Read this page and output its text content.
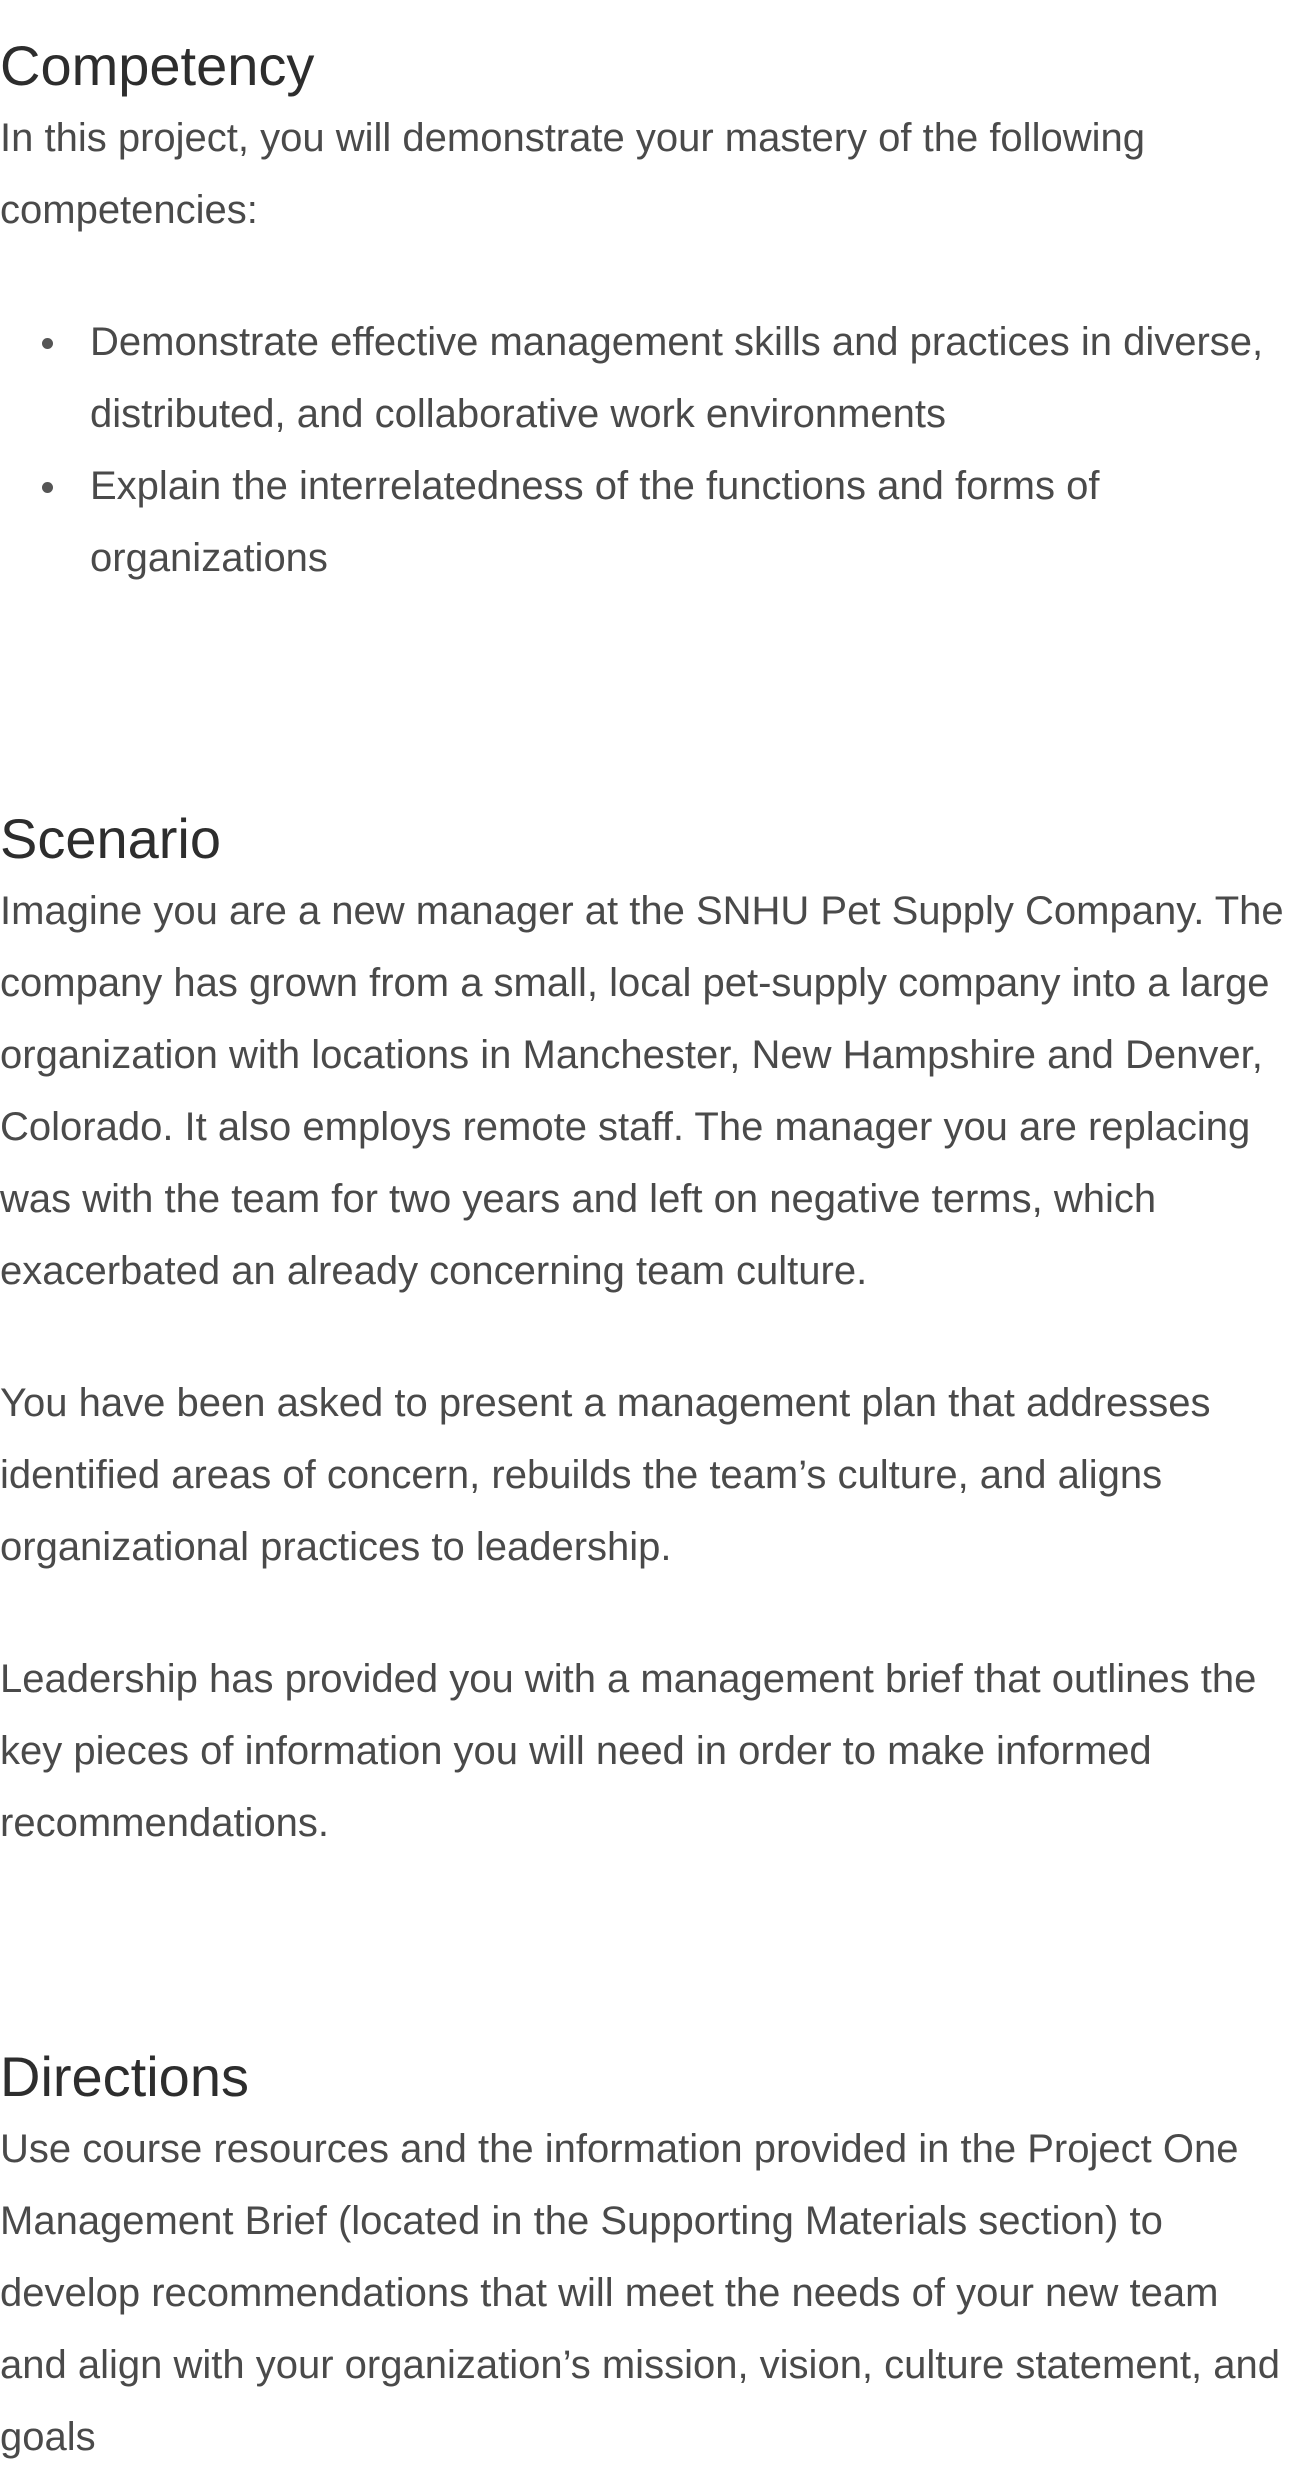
Competency

In this project, you will demonstrate your mastery of the following competencies:

Demonstrate effective management skills and practices in diverse, distributed, and collaborative work environments
Explain the interrelatedness of the functions and forms of organizations
Scenario

Imagine you are a new manager at the SNHU Pet Supply Company. The company has grown from a small, local pet-supply company into a large organization with locations in Manchester, New Hampshire and Denver, Colorado. It also employs remote staff. The manager you are replacing was with the team for two years and left on negative terms, which exacerbated an already concerning team culture.

You have been asked to present a management plan that addresses identified areas of concern, rebuilds the team’s culture, and aligns organizational practices to leadership.

Leadership has provided you with a management brief that outlines the key pieces of information you will need in order to make informed recommendations.

Directions

Use course resources and the information provided in the Project One Management Brief (located in the Supporting Materials section) to develop recommendations that will meet the needs of your new team and align with your organization’s mission, vision, culture statement, and goals
